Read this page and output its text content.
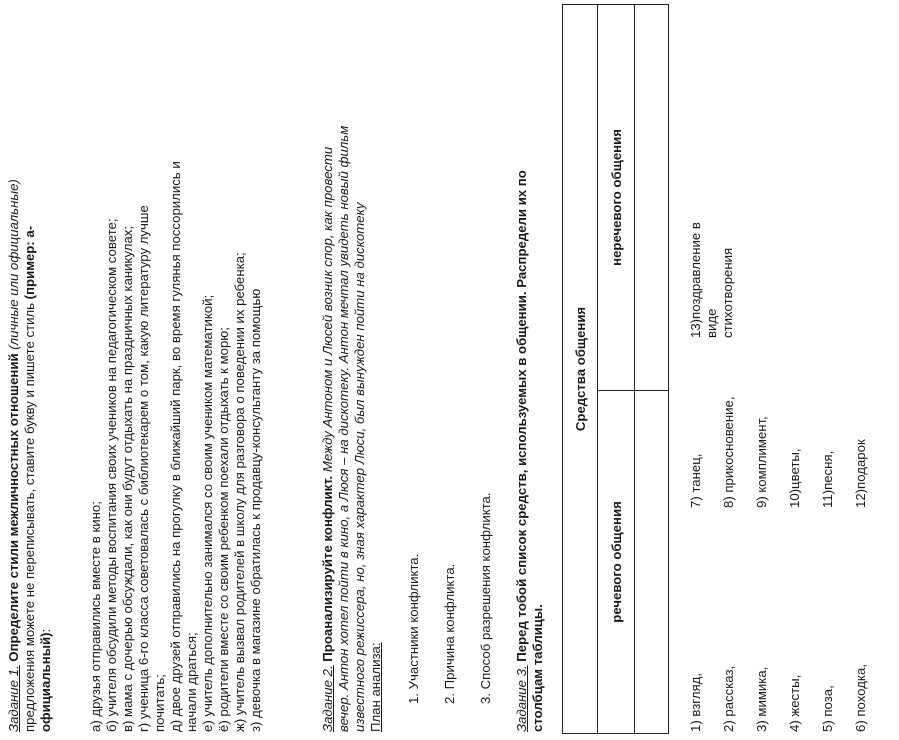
Задание 1. Определите стили межличностных отношений (личные или официальные)
предложения можете не переписывать, ставите букву и пишете стиль (пример: а-
официальный):	а) друзья отправились вместе в кино; б) учителя обсудили методы воспитания своих учеников на педагогическом совете; в) мама с дочерью обсуждали, как они будут отдыхать на праздничных каникулах; г) ученица 6-го класса советовалась с библиотекарем о том, какую литературу лучше почитать; д) двое друзей отправились на прогулку в ближайший парк, во время гулянья поссорились и начали драться; е) учитель дополнительно занимался со своим учеником математикой; ё) родители вместе со своим ребенком поехали отдыхать к морю; ж) учитель вызвал родителей в школу для разговора о поведении их ребенка; з) девочка в магазине обратилась к продавцу-консультанту за помощью	Задание 2. Проанализируйте конфликт. Между Антоном и Люсей возник спор, как провести вечер. Антон хотел пойти в кино, а Люся – на дискотеку. Антон мечтал увидеть новый фильм известного режиссера, но, зная характер Люси, был вынужден пойти на дискотеку План анализа: 1. Участники конфликта. 2. Причина конфликта. 3. Способ разрешения конфликта. Задание 3. Перед тобой список средств, используемых в общении. Распредели их по
столбцам таблицы.
Средства общения	
речевого общения	неречевого общения

1) взгляд, 2) рассказ, 3) мимика, 4) жесты, 5) поза, 6) походка,
7) танец, 8) прикосновение, 9) комплимент, 10)цветы, 11)песня, 12)подарок
13)поздравление в виде стихотворения
